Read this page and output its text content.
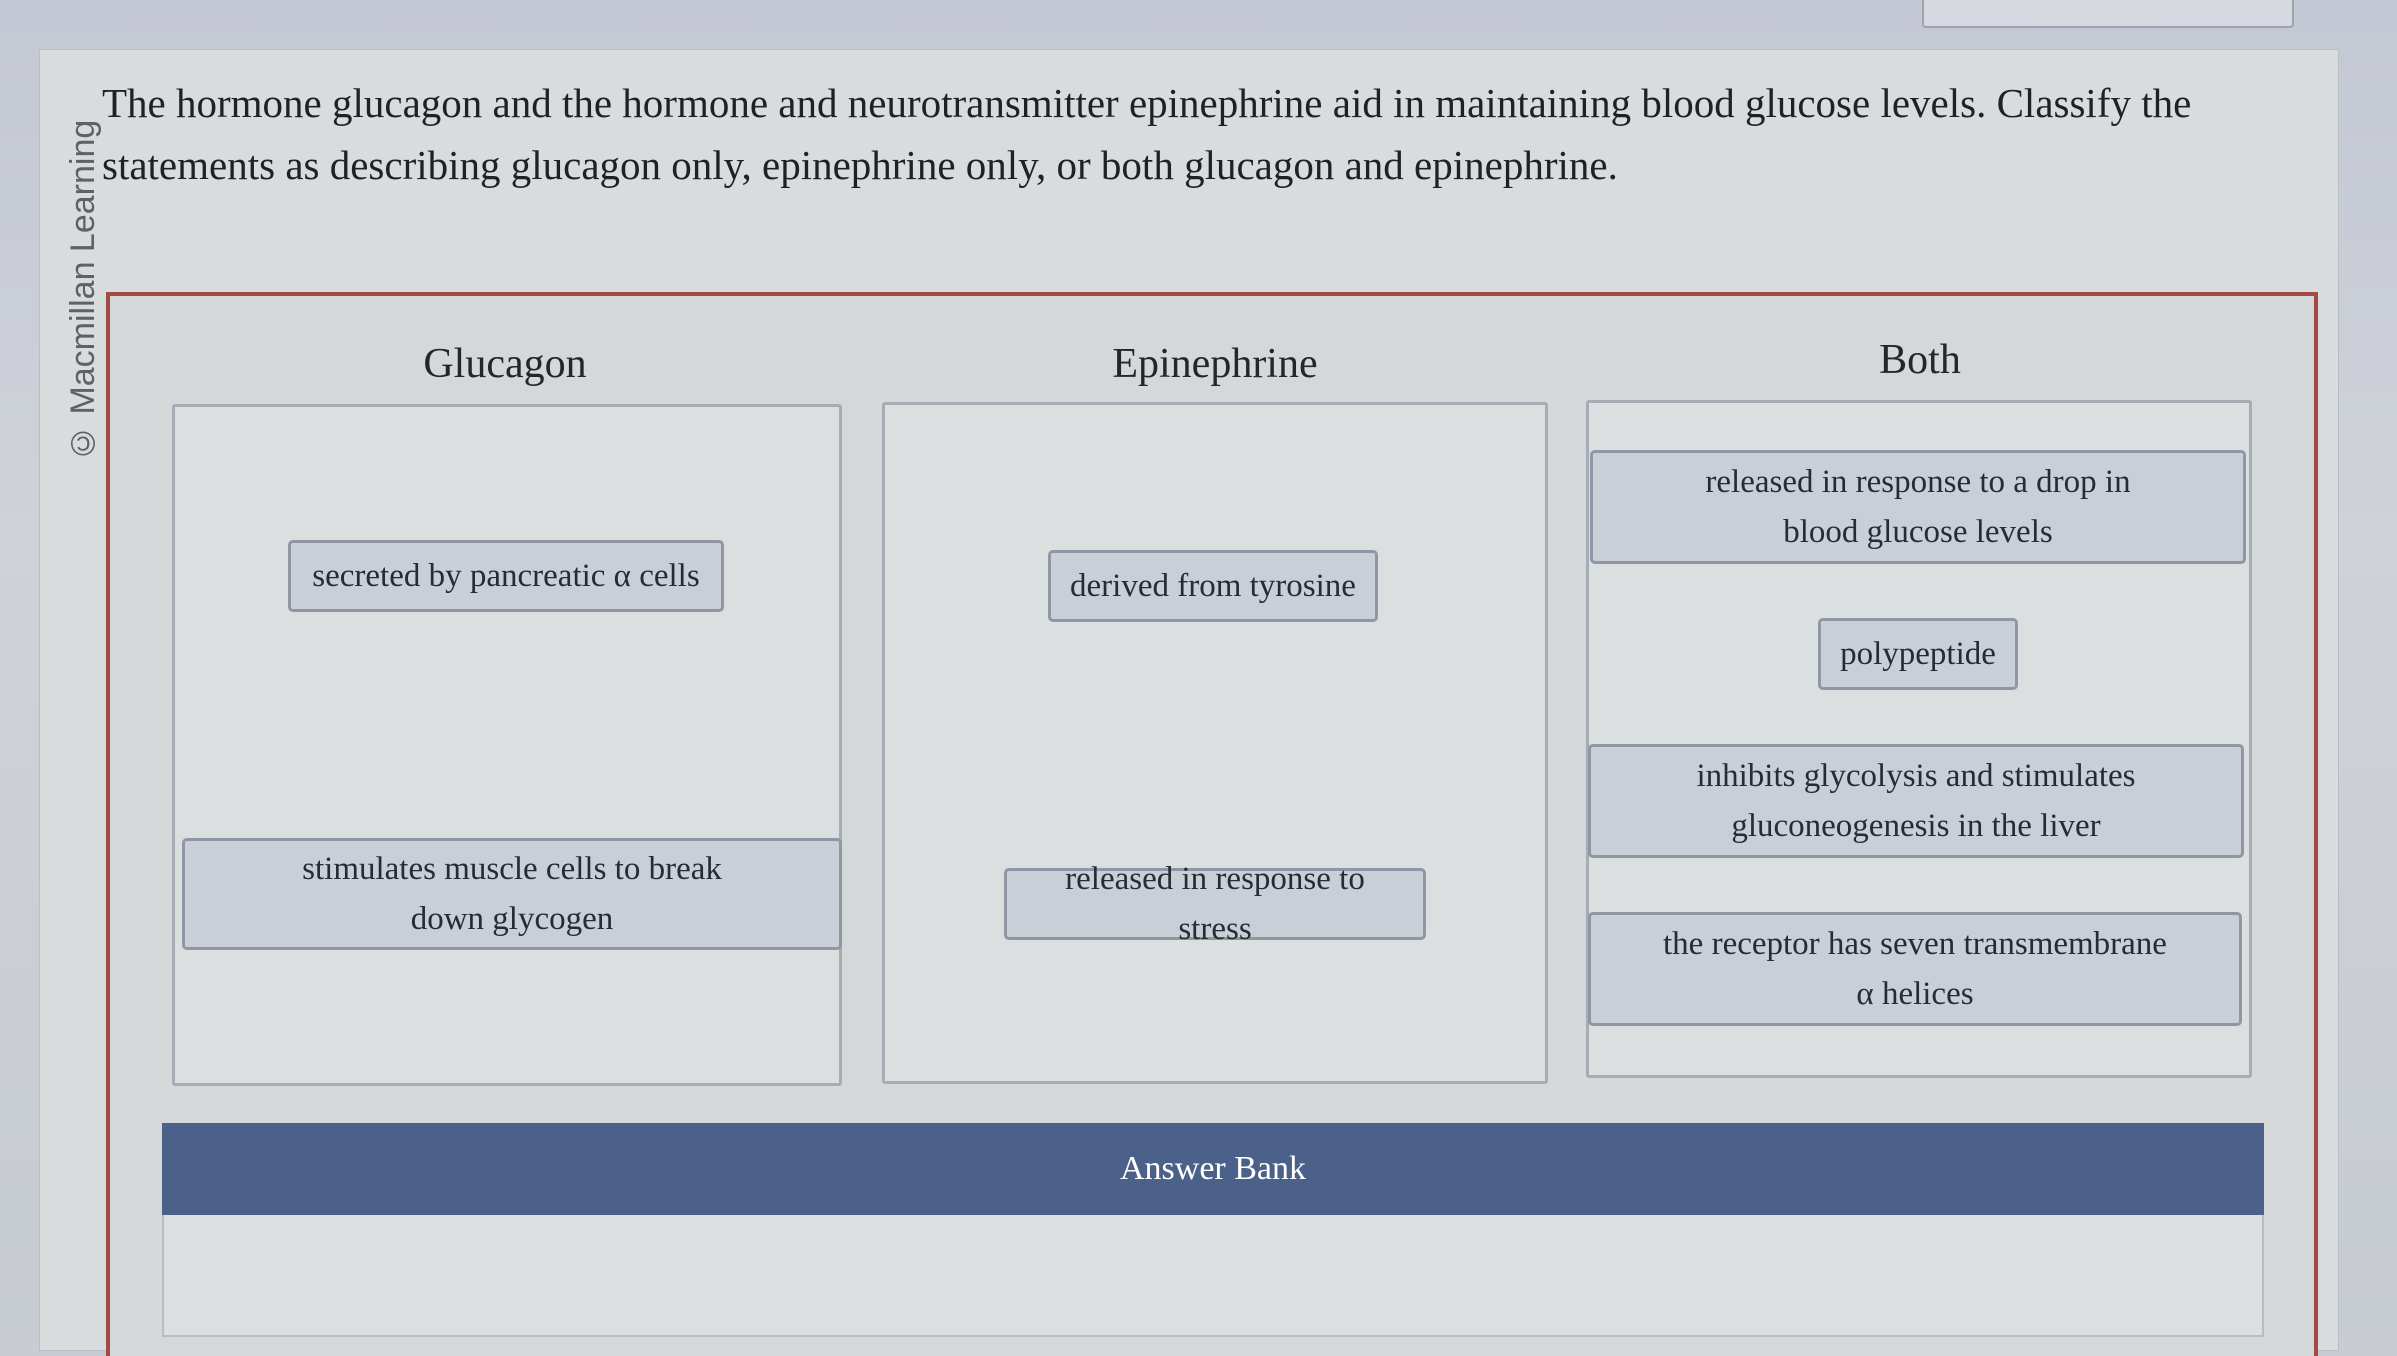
© Macmillan Learning
The hormone glucagon and the hormone and neurotransmitter epinephrine aid in maintaining blood glucose levels. Classify the statements as describing glucagon only, epinephrine only, or both glucagon and epinephrine.
Glucagon
secreted by pancreatic α cells
stimulates muscle cells to break down glycogen
Epinephrine
derived from tyrosine
released in response to stress
Both
released in response to a drop in blood glucose levels
polypeptide
inhibits glycolysis and stimulates gluconeogenesis in the liver
the receptor has seven transmembrane α helices
Answer Bank
